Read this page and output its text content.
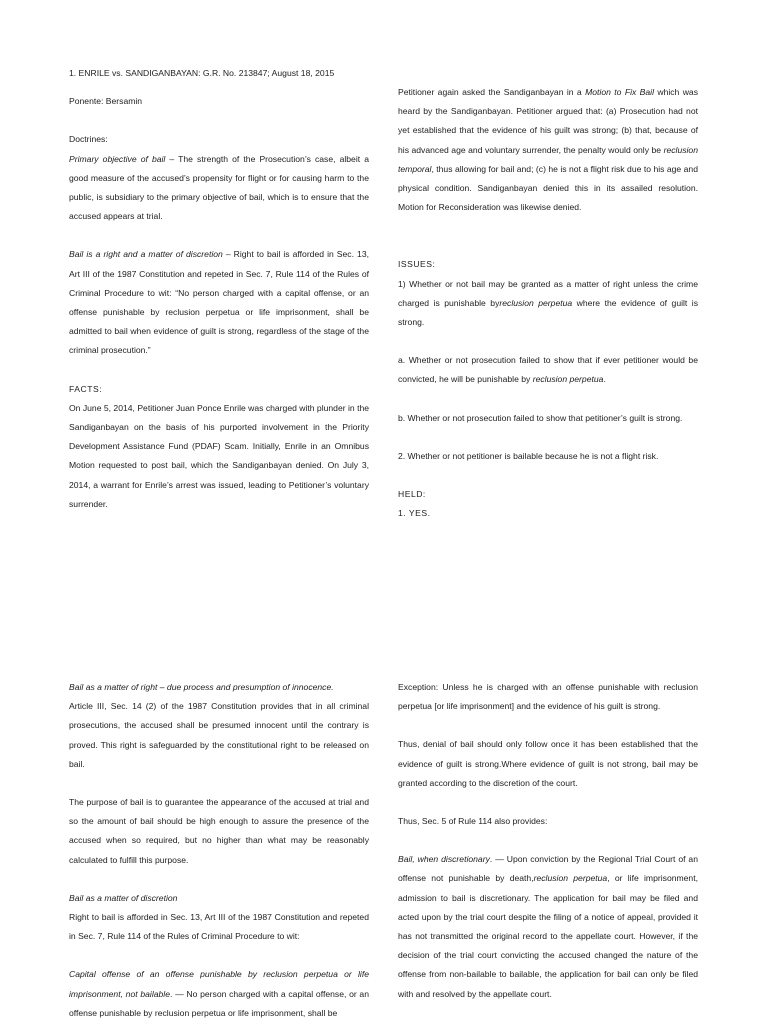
1. ENRILE vs. SANDIGANBAYAN: G.R. No. 213847; August 18, 2015

Ponente: Bersamin

Doctrines:

Primary objective of bail – The strength of the Prosecution’s case, albeit a good measure of the accused’s propensity for flight or for causing harm to the public, is subsidiary to the primary objective of bail, which is to ensure that the accused appears at trial.

Bail is a right and a matter of discretion – Right to bail is afforded in Sec. 13, Art III of the 1987 Constitution and repeted in Sec. 7, Rule 114 of the Rules of Criminal Procedure to wit: “No person charged with a capital offense, or an offense punishable by reclusion perpetua or life imprisonment, shall be admitted to bail when evidence of guilt is strong, regardless of the stage of the criminal prosecution.”

FACTS:

On June 5, 2014, Petitioner Juan Ponce Enrile was charged with plunder in the Sandiganbayan on the basis of his purported involvement in the Priority Development Assistance Fund (PDAF) Scam. Initially, Enrile in an Omnibus Motion requested to post bail, which the Sandiganbayan denied. On July 3, 2014, a warrant for Enrile’s arrest was issued, leading to Petitioner’s voluntary surrender.

Petitioner again asked the Sandiganbayan in a Motion to Fix Bail which was heard by the Sandiganbayan. Petitioner argued that: (a) Prosecution had not yet established that the evidence of his guilt was strong; (b) that, because of his advanced age and voluntary surrender, the penalty would only be reclusion temporal, thus allowing for bail and; (c) he is not a flight risk due to his age and physical condition. Sandiganbayan denied this in its assailed resolution. Motion for Reconsideration was likewise denied.

ISSUES:

1) Whether or not bail may be granted as a matter of right unless the crime charged is punishable byreclusion perpetua where the evidence of guilt is strong.

a. Whether or not prosecution failed to show that if ever petitioner would be convicted, he will be punishable by reclusion perpetua.

b. Whether or not prosecution failed to show that petitioner’s guilt is strong.

2. Whether or not petitioner is bailable because he is not a flight risk.

HELD:

1. YES.

Bail as a matter of right – due process and presumption of innocence.

Article III, Sec. 14 (2) of the 1987 Constitution provides that in all criminal prosecutions, the accused shall be presumed innocent until the contrary is proved. This right is safeguarded by the constitutional right to be released on bail.

The purpose of bail is to guarantee the appearance of the accused at trial and so the amount of bail should be high enough to assure the presence of the accused when so required, but no higher than what may be reasonably calculated to fulfill this purpose.

Bail as a matter of discretion

Right to bail is afforded in Sec. 13, Art III of the 1987 Constitution and repeted in Sec. 7, Rule 114 of the Rules of Criminal Procedure to wit:

Capital offense of an offense punishable by reclusion perpetua or life imprisonment, not bailable. — No person charged with a capital offense, or an offense punishable by reclusion perpetua or life imprisonment, shall be

Exception: Unless he is charged with an offense punishable with reclusion perpetua [or life imprisonment] and the evidence of his guilt is strong.

Thus, denial of bail should only follow once it has been established that the evidence of guilt is strong.Where evidence of guilt is not strong, bail may be granted according to the discretion of the court.

Thus, Sec. 5 of Rule 114 also provides:

Bail, when discretionary. — Upon conviction by the Regional Trial Court of an offense not punishable by death,reclusion perpetua, or life imprisonment, admission to bail is discretionary. The application for bail may be filed and acted upon by the trial court despite the filing of a notice of appeal, provided it has not transmitted the original record to the appellate court. However, if the decision of the trial court convicting the accused changed the nature of the offense from non-bailable to bailable, the application for bail can only be filed with and resolved by the appellate court.
